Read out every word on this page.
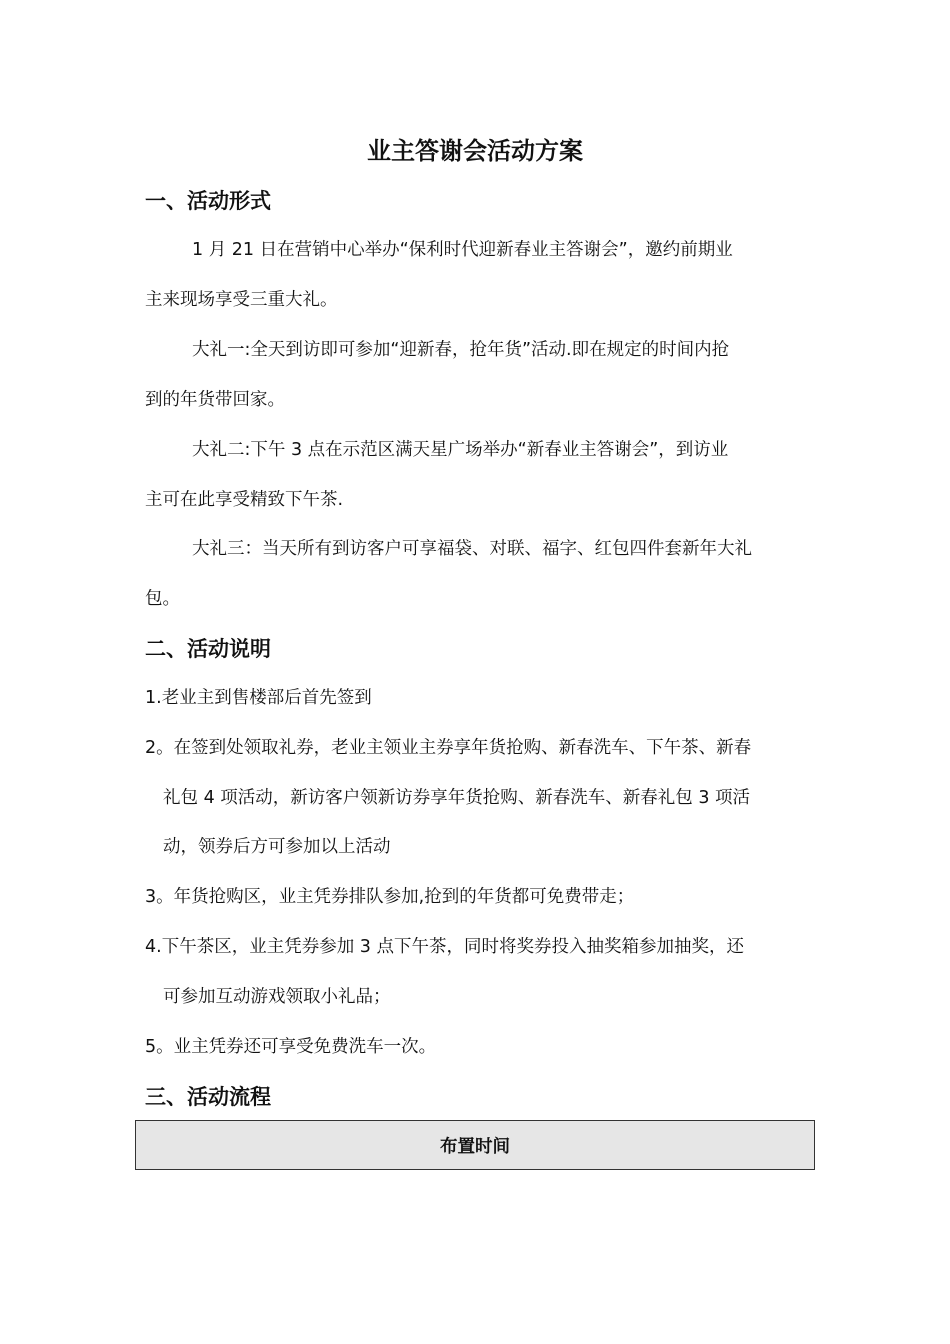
业主答谢会活动方案
一、活动形式
1 月 21 日在营销中心举办“保利时代迎新春业主答谢会”，邀约前期业
主来现场享受三重大礼。
大礼一:全天到访即可参加“迎新春，抢年货”活动.即在规定的时间内抢
到的年货带回家。
大礼二:下午 3 点在示范区满天星广场举办“新春业主答谢会”，到访业
主可在此享受精致下午茶.
大礼三：当天所有到访客户可享福袋、对联、福字、红包四件套新年大礼
包。
二、活动说明
1.老业主到售楼部后首先签到
2。在签到处领取礼券，老业主领业主券享年货抢购、新春洗车、下午茶、新春
礼包 4 项活动，新访客户领新访券享年货抢购、新春洗车、新春礼包 3 项活
动，领券后方可参加以上活动
3。年货抢购区，业主凭券排队参加,抢到的年货都可免费带走；
4.下午茶区，业主凭券参加 3 点下午茶，同时将奖券投入抽奖箱参加抽奖，还
可参加互动游戏领取小礼品；
5。业主凭券还可享受免费洗车一次。
三、活动流程
布置时间
